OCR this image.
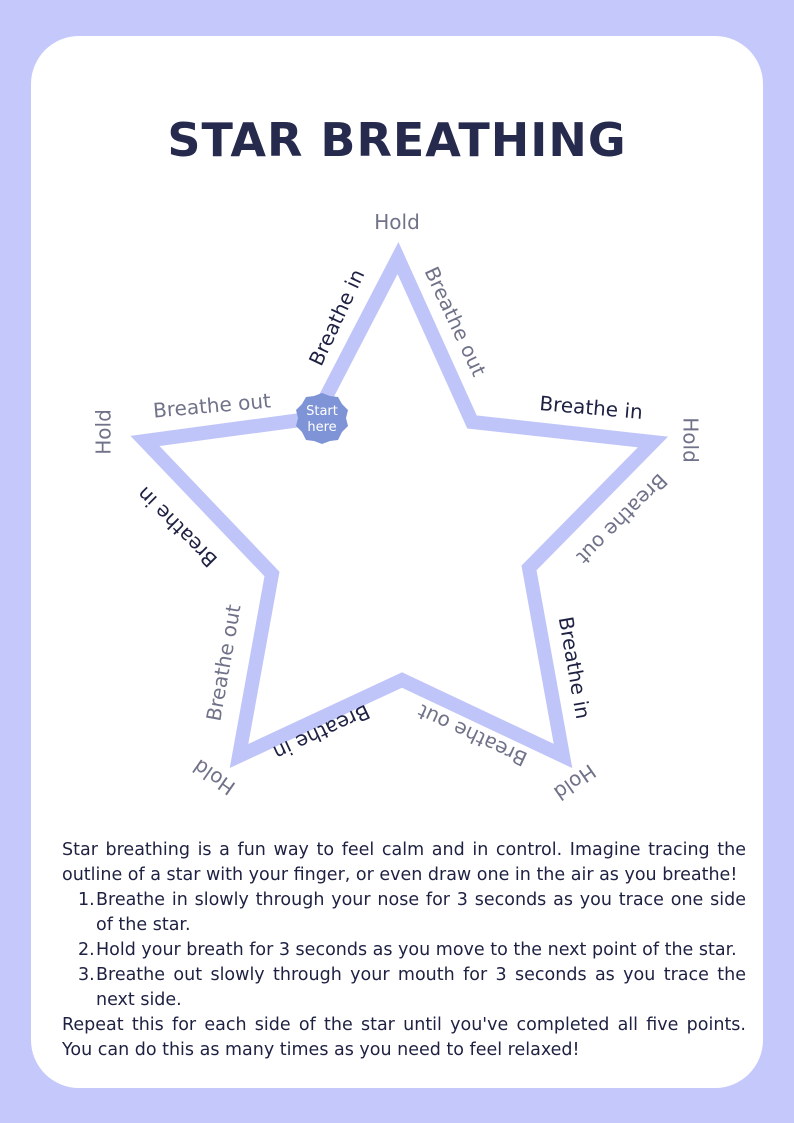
STAR BREATHING
Hold
Hold	Hold
Hold	Hold
Breathe in
Breathe in
Breathe in
Breathe in
Breathe in
Breathe out
Breathe out
Breathe out
Breathe out
Breathe out
Start
here

Star breathing is a fun way to feel calm and in control. Imagine tracing the outline of a star with your finger, or even draw one in the air as you breathe!

1. Breathe in slowly through your nose for 3 seconds as you trace one side of the star.
2. Hold your breath for 3 seconds as you move to the next point of the star.
3. Breathe out slowly through your mouth for 3 seconds as you trace the next side.

Repeat this for each side of the star until you've completed all five points. You can do this as many times as you need to feel relaxed!
